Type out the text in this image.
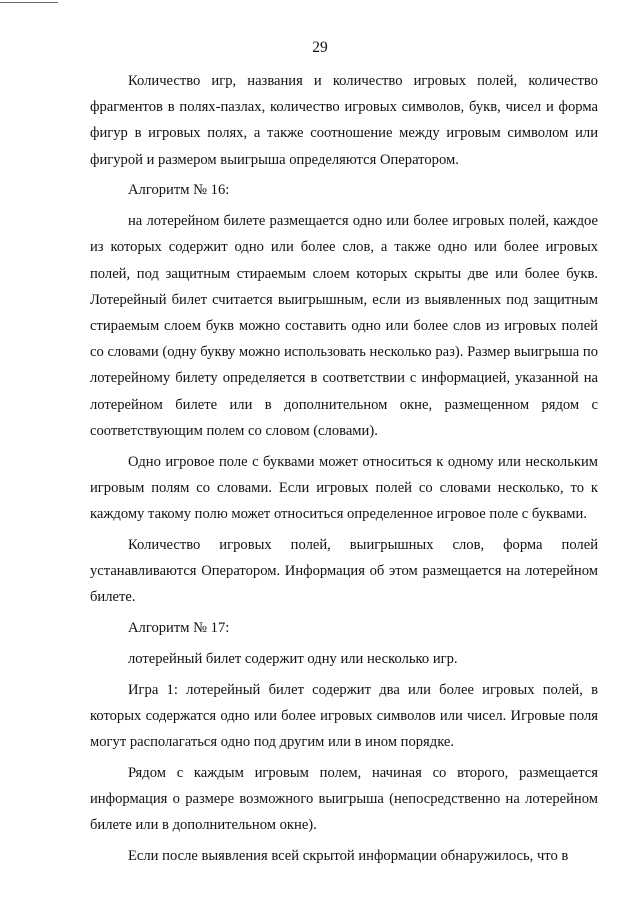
29

Количество игр, названия и количество игровых полей, количество фрагментов в полях-пазлах, количество игровых символов, букв, чисел и форма фигур в игровых полях, а также соотношение между игровым символом или фигурой и размером выигрыша определяются Оператором.

Алгоритм № 16:

на лотерейном билете размещается одно или более игровых полей, каждое из которых содержит одно или более слов, а также одно или более игровых полей, под защитным стираемым слоем которых скрыты две или более букв. Лотерейный билет считается выигрышным, если из выявленных под защитным стираемым слоем букв можно составить одно или более слов из игровых полей со словами (одну букву можно использовать несколько раз). Размер выигрыша по лотерейному билету определяется в соответствии с информацией, указанной на лотерейном билете или в дополнительном окне, размещенном рядом с соответствующим полем со словом (словами).

Одно игровое поле с буквами может относиться к одному или нескольким игровым полям со словами. Если игровых полей со словами несколько, то к каждому такому полю может относиться определенное игровое поле с буквами.

Количество игровых полей, выигрышных слов, форма полей устанавливаются Оператором. Информация об этом размещается на лотерейном билете.

Алгоритм № 17:

лотерейный билет содержит одну или несколько игр.

Игра 1: лотерейный билет содержит два или более игровых полей, в которых содержатся одно или более игровых символов или чисел. Игровые поля могут располагаться одно под другим или в ином порядке.

Рядом с каждым игровым полем, начиная со второго, размещается информация о размере возможного выигрыша (непосредственно на лотерейном билете или в дополнительном окне).

Если после выявления всей скрытой информации обнаружилось, что в
